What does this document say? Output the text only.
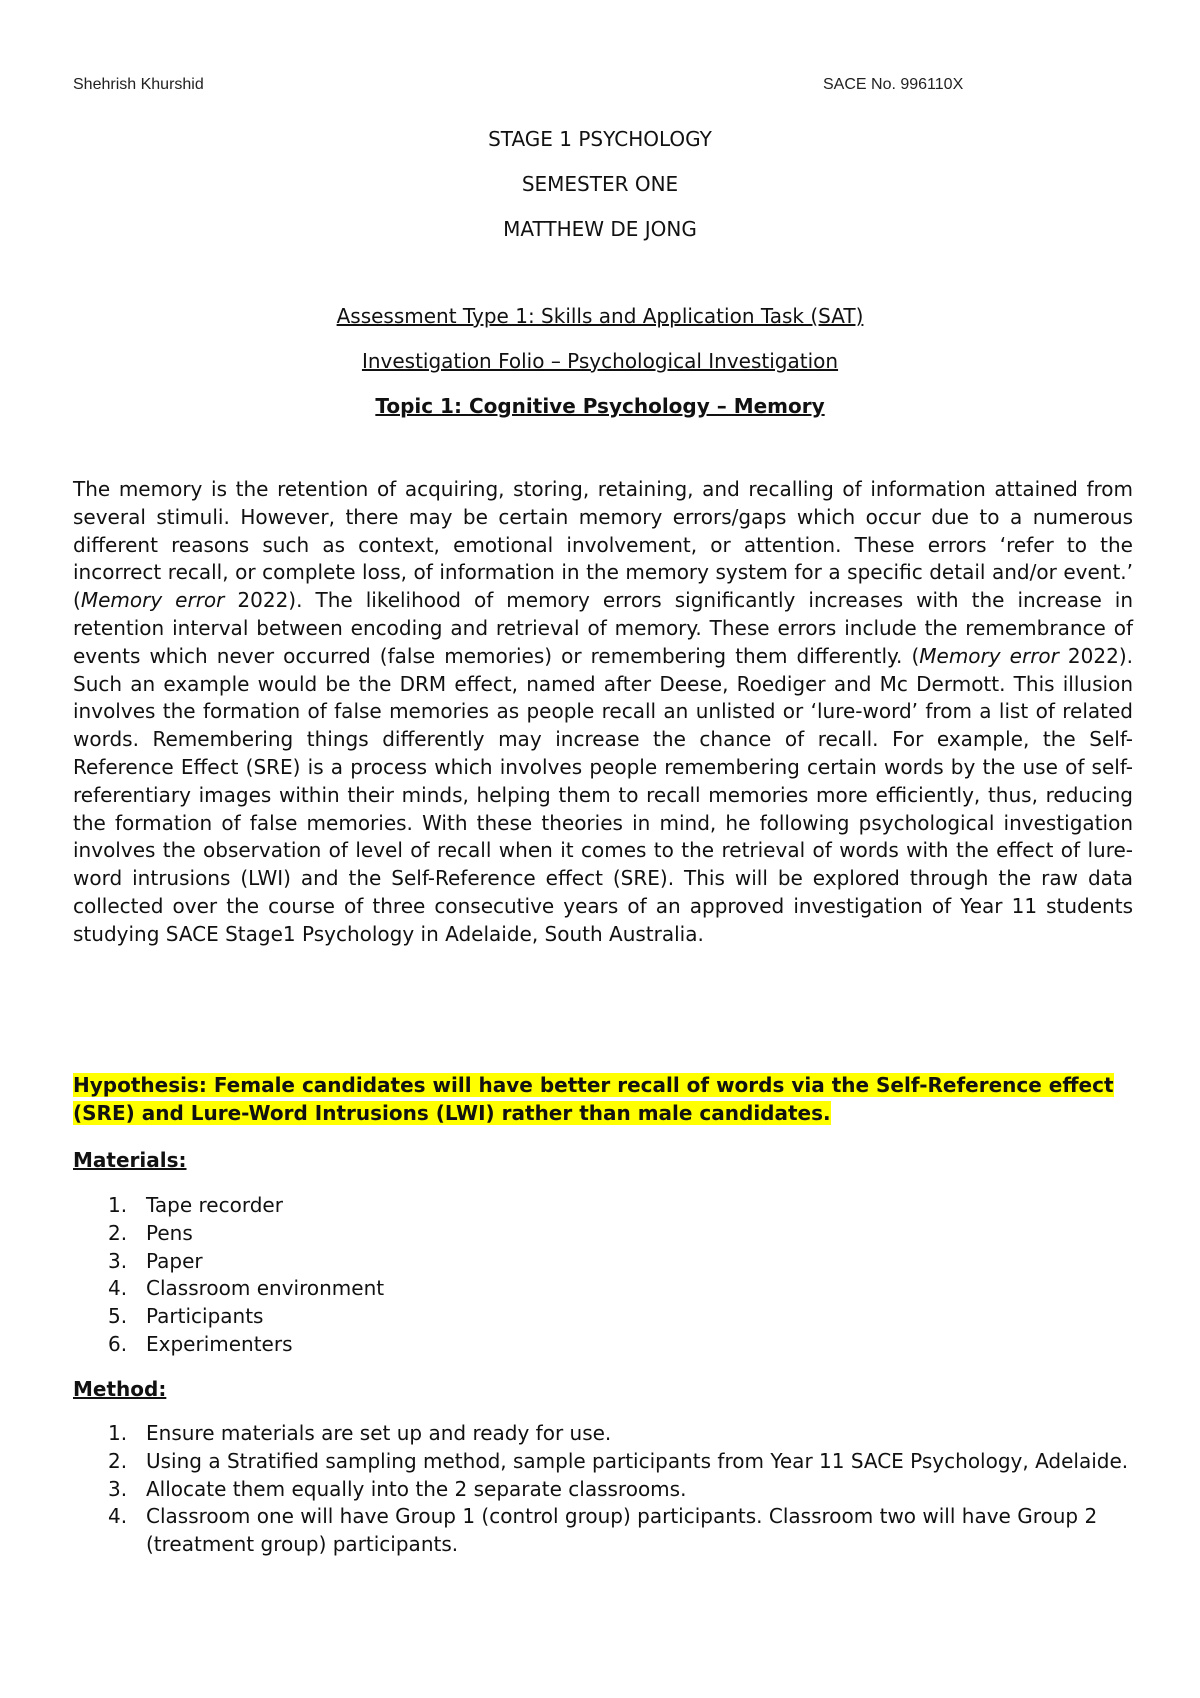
Shehrish Khurshid	SACE No. 996110X
STAGE 1 PSYCHOLOGY
SEMESTER ONE
MATTHEW DE JONG
Assessment Type 1: Skills and Application Task (SAT)
Investigation Folio – Psychological Investigation
Topic 1: Cognitive Psychology – Memory
The memory is the retention of acquiring, storing, retaining, and recalling of information attained from several stimuli. However, there may be certain memory errors/gaps which occur due to a numerous different reasons such as context, emotional involvement, or attention. These errors ‘refer to the incorrect recall, or complete loss, of information in the memory system for a specific detail and/or event.’ (Memory error 2022). The likelihood of memory errors significantly increases with the increase in retention interval between encoding and retrieval of memory. These errors include the remembrance of events which never occurred (false memories) or remembering them differently. (Memory error 2022). Such an example would be the DRM effect, named after Deese, Roediger and Mc Dermott. This illusion involves the formation of false memories as people recall an unlisted or ‘lure-word’ from a list of related words. Remembering things differently may increase the chance of recall. For example, the Self-Reference Effect (SRE) is a process which involves people remembering certain words by the use of self-referentiary images within their minds, helping them to recall memories more efficiently, thus, reducing the formation of false memories. With these theories in mind, he following psychological investigation involves the observation of level of recall when it comes to the retrieval of words with the effect of lure-word intrusions (LWI) and the Self-Reference effect (SRE). This will be explored through the raw data collected over the course of three consecutive years of an approved investigation of Year 11 students studying SACE Stage1 Psychology in Adelaide, South Australia.
Hypothesis: Female candidates will have better recall of words via the Self-Reference effect (SRE) and Lure-Word Intrusions (LWI) rather than male candidates.
Materials:
1. Tape recorder
2. Pens
3. Paper
4. Classroom environment
5. Participants
6. Experimenters
Method:
1. Ensure materials are set up and ready for use.
2. Using a Stratified sampling method, sample participants from Year 11 SACE Psychology, Adelaide.
3. Allocate them equally into the 2 separate classrooms.
4. Classroom one will have Group 1 (control group) participants. Classroom two will have Group 2 (treatment group) participants.
